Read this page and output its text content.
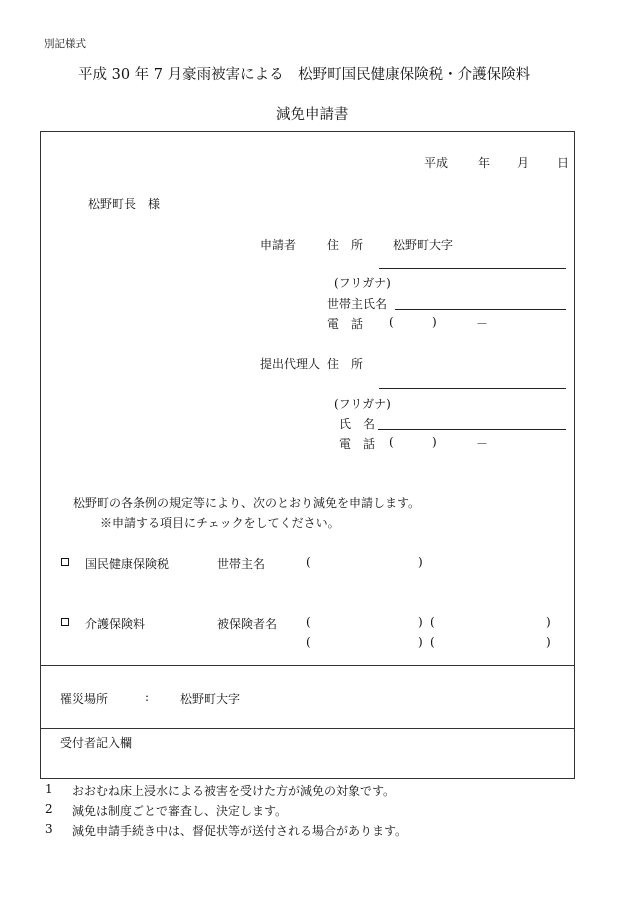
別記様式
平成 30 年 7 月豪雨被害による　松野町国民健康保険税・介護保険料
減免申請書
平成 年 月 日
松野町長　様
申請者	住　所 松野町大字
(フリガナ)
世帯主氏名
電　話 (	)	－
提出代理人 住　所
(フリガナ)
氏　名
電　話 (	)	－
松野町の各条例の規定等により、次のとおり減免を申請します。
※申請する項目にチェックをしてください。
国民健康保険税	世帯主名	(	)
介護保険料	被保険者名 (	) (	)
(	) (	)
罹災場所	:	松野町大字
受付者記入欄
1 おおむね床上浸水による被害を受けた方が減免の対象です。
2 減免は制度ごとで審査し、決定します。
3 減免申請手続き中は、督促状等が送付される場合があります。
